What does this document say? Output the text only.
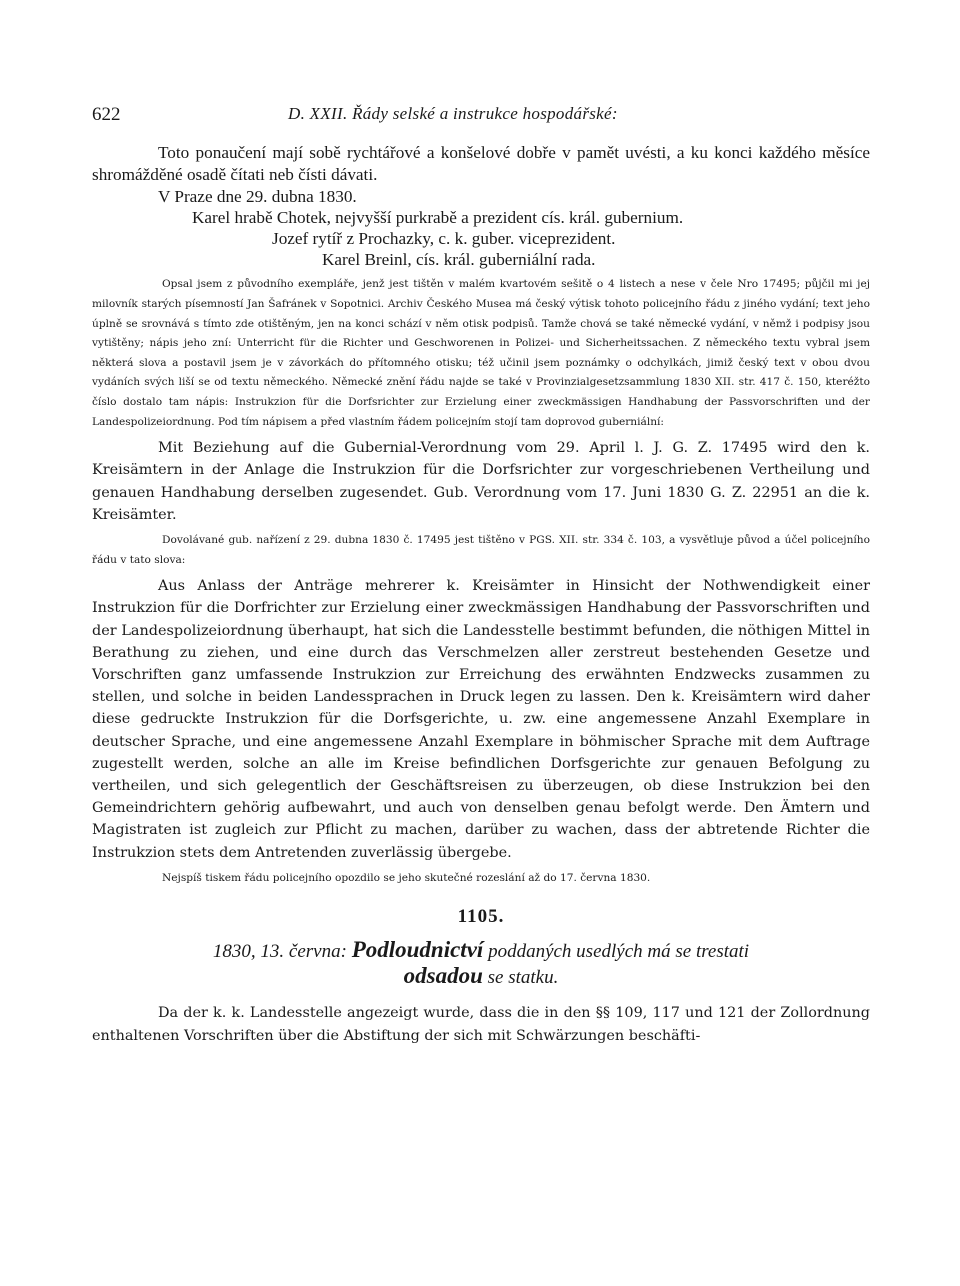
622	D. XXII. Řády selské a instrukce hospodářské:

Toto ponaučení mají sobě rychtářové a konšelové dobře v pamět uvésti, a ku konci každého měsíce shromážděné osadě čítati neb čísti dávati.

V Praze dne 29. dubna 1830.

Karel hrabě Chotek, nejvyšší purkrabě a prezident cís. král. gubernium.

Jozef rytíř z Prochazky, c. k. guber. viceprezident.

Karel Breinl, cís. král. guberniální rada.

Opsal jsem z původního exempláře, jenž jest tištěn v malém kvartovém sešitě o 4 listech a nese v čele Nro 17495; půjčil mi jej milovník starých písemností Jan Šafránek v Sopotnici. Archiv Českého Musea má český výtisk tohoto policejního řádu z jiného vydání; text jeho úplně se srovnává s tímto zde otištěným, jen na konci schází v něm otisk podpisů. Tamže chová se také německé vydání, v němž i podpisy jsou vytištěny; nápis jeho zní: Unterricht für die Richter und Geschworenen in Polizei- und Sicherheitssachen. Z německého textu vybral jsem některá slova a postavil jsem je v závorkách do přítomného otisku; též učinil jsem poznámky o odchylkách, jimiž český text v obou dvou vydáních svých liší se od textu německého. Německé znění řádu najde se také v Provinzialgesetzsammlung 1830 XII. str. 417 č. 150, kteréžto číslo dostalo tam nápis: Instrukzion für die Dorfsrichter zur Erzielung einer zweckmässigen Handhabung der Passvorschriften und der Landespolizeiordnung. Pod tím nápisem a před vlastním řádem policejním stojí tam doprovod guberniální:

Mit Beziehung auf die Gubernial-Verordnung vom 29. April l. J. G. Z. 17495 wird den k. Kreisämtern in der Anlage die Instrukzion für die Dorfsrichter zur vorgeschriebenen Vertheilung und genauen Handhabung derselben zugesendet. Gub. Verordnung vom 17. Juni 1830 G. Z. 22951 an die k. Kreisämter.

Dovolávané gub. nařízení z 29. dubna 1830 č. 17495 jest tištěno v PGS. XII. str. 334 č. 103, a vysvětluje původ a účel policejního řádu v tato slova:

Aus Anlass der Anträge mehrerer k. Kreisämter in Hinsicht der Nothwendigkeit einer Instrukzion für die Dorfrichter zur Erzielung einer zweckmässigen Handhabung der Passvorschriften und der Landespolizeiordnung überhaupt, hat sich die Landesstelle bestimmt befunden, die nöthigen Mittel in Berathung zu ziehen, und eine durch das Verschmelzen aller zerstreut bestehenden Gesetze und Vorschriften ganz umfassende Instrukzion zur Erreichung des erwähnten Endzwecks zusammen zu stellen, und solche in beiden Landessprachen in Druck legen zu lassen. Den k. Kreisämtern wird daher diese gedruckte Instrukzion für die Dorfsgerichte, u. zw. eine angemessene Anzahl Exemplare in deutscher Sprache, und eine angemessene Anzahl Exemplare in böhmischer Sprache mit dem Auftrage zugestellt werden, solche an alle im Kreise befindlichen Dorfsgerichte zur genauen Befolgung zu vertheilen, und sich gelegentlich der Geschäftsreisen zu überzeugen, ob diese Instrukzion bei den Gemeindrichtern gehörig aufbewahrt, und auch von denselben genau befolgt werde. Den Ämtern und Magistraten ist zugleich zur Pflicht zu machen, darüber zu wachen, dass der abtretende Richter die Instrukzion stets dem Antretenden zuverlässig übergebe.

Nejspíš tiskem řádu policejního opozdilo se jeho skutečné rozeslání až do 17. června 1830.

1105.
1830, 13. června: Podloudnictví poddaných usedlých má se trestati
odsadou se statku.

Da der k. k. Landesstelle angezeigt wurde, dass die in den §§ 109, 117 und 121 der Zollordnung enthaltenen Vorschriften über die Abstiftung der sich mit Schwärzungen beschäfti-
